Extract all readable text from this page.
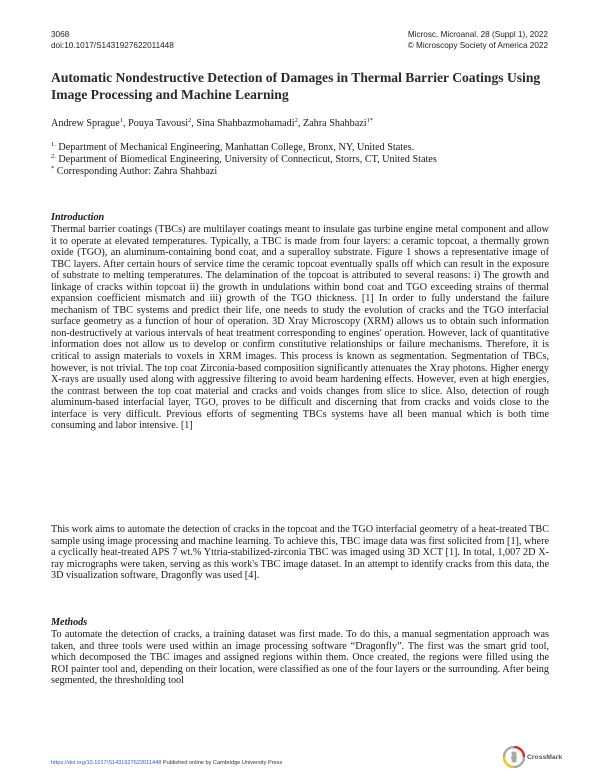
3068
doi:10.1017/S1431927622011448
Microsc. Microanal. 28 (Suppl 1), 2022
© Microscopy Society of America 2022
Automatic Nondestructive Detection of Damages in Thermal Barrier Coatings Using Image Processing and Machine Learning
Andrew Sprague$^1$, Pouya Tavousi$^2$, Sina Shahbazmohamadi$^2$, Zahra Shahbazi$^{1*}$
$^{1.}$ Department of Mechanical Engineering, Manhattan College, Bronx, NY, United States.
$^{2.}$ Department of Biomedical Engineering, University of Connecticut, Storrs, CT, United States
* Corresponding Author: Zahra Shahbazi
Introduction
Thermal barrier coatings (TBCs) are multilayer coatings meant to insulate gas turbine engine metal component and allow it to operate at elevated temperatures. Typically, a TBC is made from four layers: a ceramic topcoat, a thermally grown oxide (TGO), an aluminum-containing bond coat, and a superalloy substrate. Figure 1 shows a representative image of TBC layers. After certain hours of service time the ceramic topcoat eventually spalls off which can result in the exposure of substrate to melting temperatures. The delamination of the topcoat is attributed to several reasons: i) The growth and linkage of cracks within topcoat ii) the growth in undulations within bond coat and TGO exceeding strains of thermal expansion coefficient mismatch and iii) growth of the TGO thickness. [1] In order to fully understand the failure mechanism of TBC systems and predict their life, one needs to study the evolution of cracks and the TGO interfacial surface geometry as a function of hour of operation. 3D Xray Microscopy (XRM) allows us to obtain such information non-destructively at various intervals of heat treatment corresponding to engines' operation. However, lack of quantitative information does not allow us to develop or confirm constitutive relationships or failure mechanisms. Therefore, it is critical to assign materials to voxels in XRM images. This process is known as segmentation. Segmentation of TBCs, however, is not trivial. The top coat Zirconia-based composition significantly attenuates the Xray photons. Higher energy X-rays are usually used along with aggressive filtering to avoid beam hardening effects. However, even at high energies, the contrast between the top coat material and cracks and voids changes from slice to slice. Also, detection of rough aluminum-based interfacial layer, TGO, proves to be difficult and discerning that from cracks and voids close to the interface is very difficult. Previous efforts of segmenting TBCs systems have all been manual which is both time consuming and labor intensive. [1]
This work aims to automate the detection of cracks in the topcoat and the TGO interfacial geometry of a heat-treated TBC sample using image processing and machine learning. To achieve this, TBC image data was first solicited from [1], where a cyclically heat-treated APS 7 wt.% Yttria-stabilized-zirconia TBC was imaged using 3D XCT [1]. In total, 1,007 2D X-ray micrographs were taken, serving as this work's TBC image dataset. In an attempt to identify cracks from this data, the 3D visualization software, Dragonfly was used [4].
Methods
To automate the detection of cracks, a training dataset was first made. To do this, a manual segmentation approach was taken, and three tools were used within an image processing software “Dragonfly”. The first was the smart grid tool, which decomposed the TBC images and assigned regions within them. Once created, the regions were filled using the ROI painter tool and, depending on their location, were classified as one of the four layers or the surrounding. After being segmented, the thresholding tool
https://doi.org/10.1017/S1431927622011448 Published online by Cambridge University Press
CrossMark
